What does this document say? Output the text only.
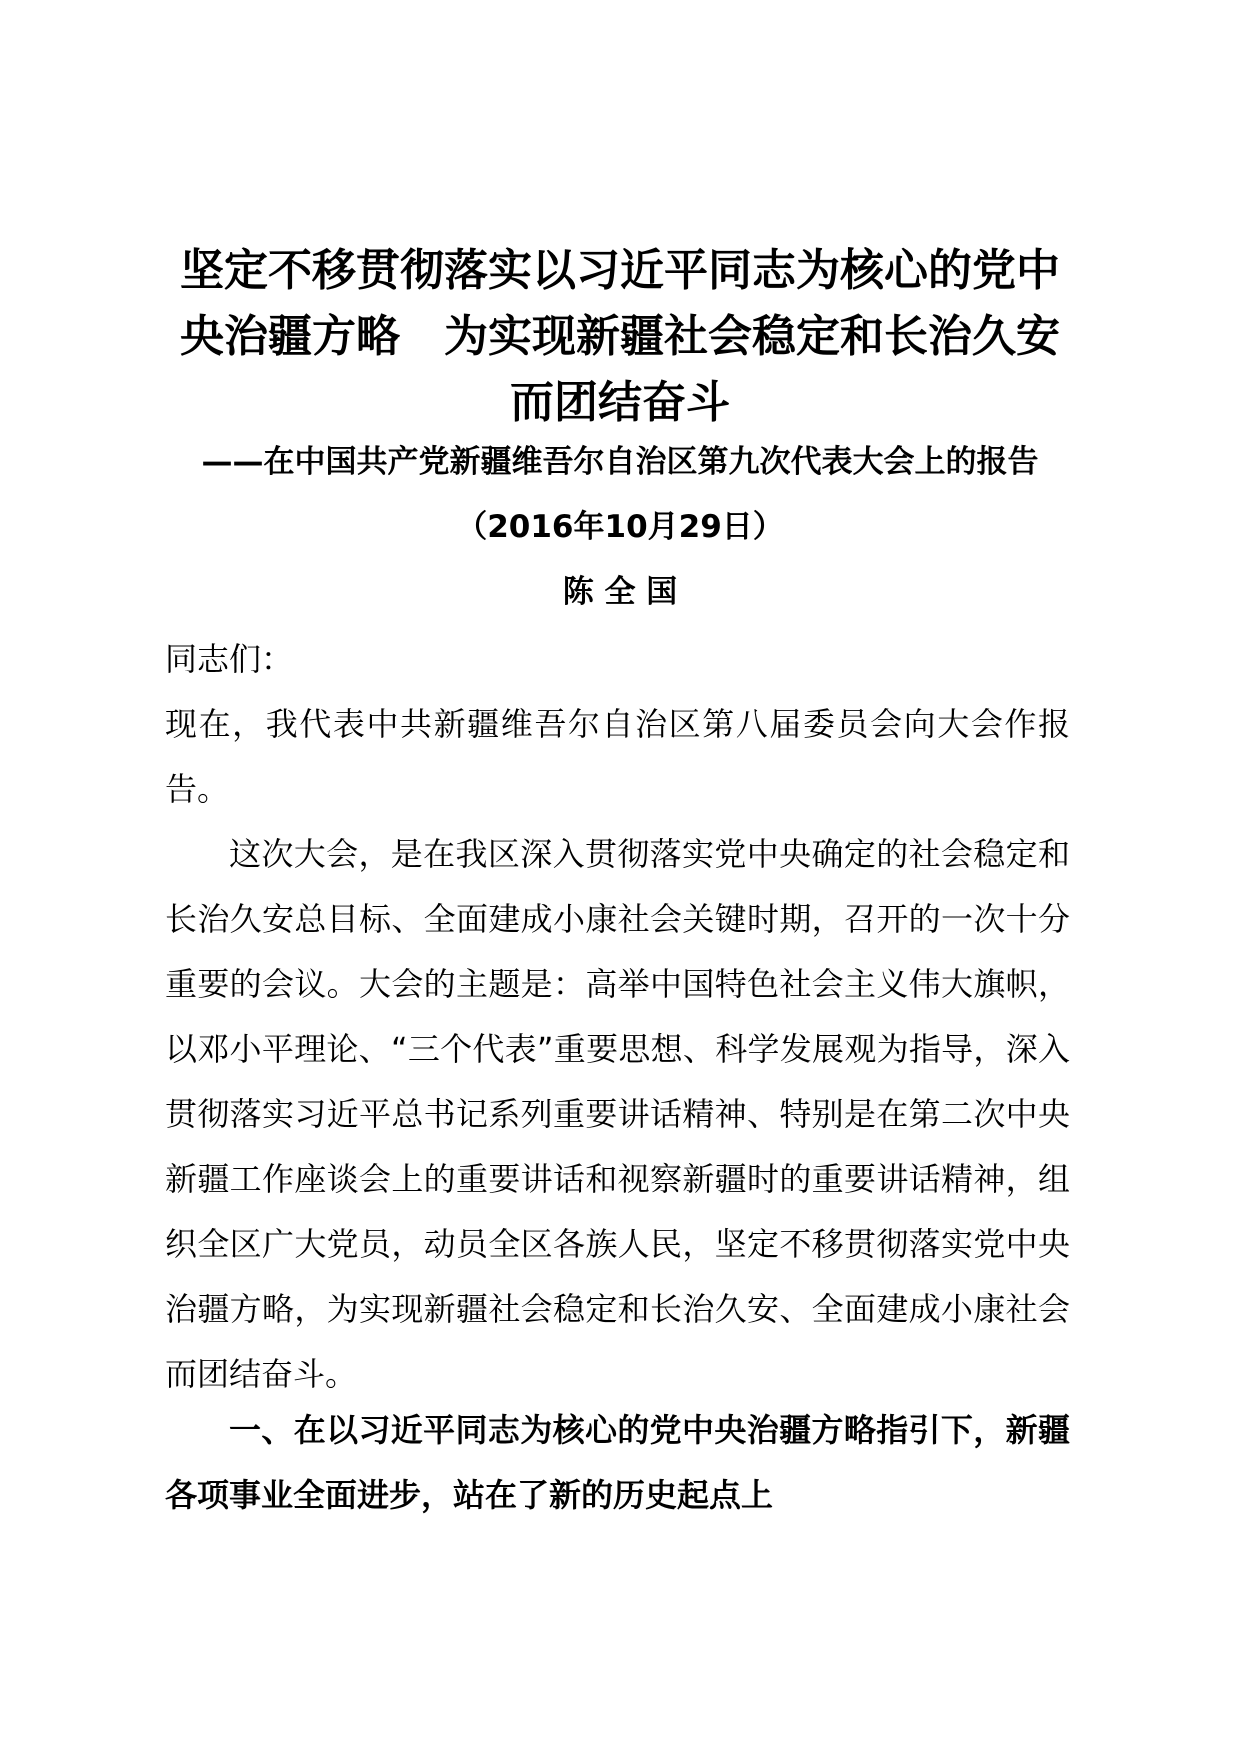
坚定不移贯彻落实以习近平同志为核心的党中央治疆方略　为实现新疆社会稳定和长治久安而团结奋斗

——在中国共产党新疆维吾尔自治区第九次代表大会上的报告

（2016年10月29日）

陈 全 国

同志们：

现在，我代表中共新疆维吾尔自治区第八届委员会向大会作报告。

这次大会，是在我区深入贯彻落实党中央确定的社会稳定和长治久安总目标、全面建成小康社会关键时期，召开的一次十分重要的会议。大会的主题是：高举中国特色社会主义伟大旗帜，以邓小平理论、“三个代表”重要思想、科学发展观为指导，深入贯彻落实习近平总书记系列重要讲话精神、特别是在第二次中央新疆工作座谈会上的重要讲话和视察新疆时的重要讲话精神，组织全区广大党员，动员全区各族人民，坚定不移贯彻落实党中央治疆方略，为实现新疆社会稳定和长治久安、全面建成小康社会而团结奋斗。

一、在以习近平同志为核心的党中央治疆方略指引下，新疆各项事业全面进步，站在了新的历史起点上
